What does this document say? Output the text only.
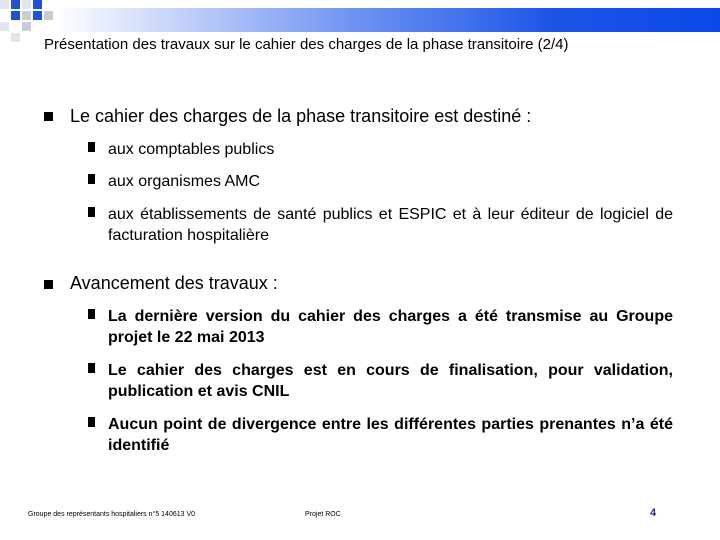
Présentation des travaux sur le cahier des charges de la phase transitoire (2/4)
Le cahier des charges de la phase transitoire est destiné :
aux comptables publics
aux organismes AMC
aux établissements de santé publics et ESPIC et à leur éditeur de logiciel de facturation hospitalière
Avancement des travaux :
La dernière version du cahier des charges a été transmise au Groupe projet le 22 mai 2013
Le cahier des charges est en cours de finalisation, pour validation, publication et avis CNIL
Aucun point de divergence entre les différentes parties prenantes n’a été identifié
Groupe des représentants hospitaliers n°5 140613 V0	Projet ROC	4
